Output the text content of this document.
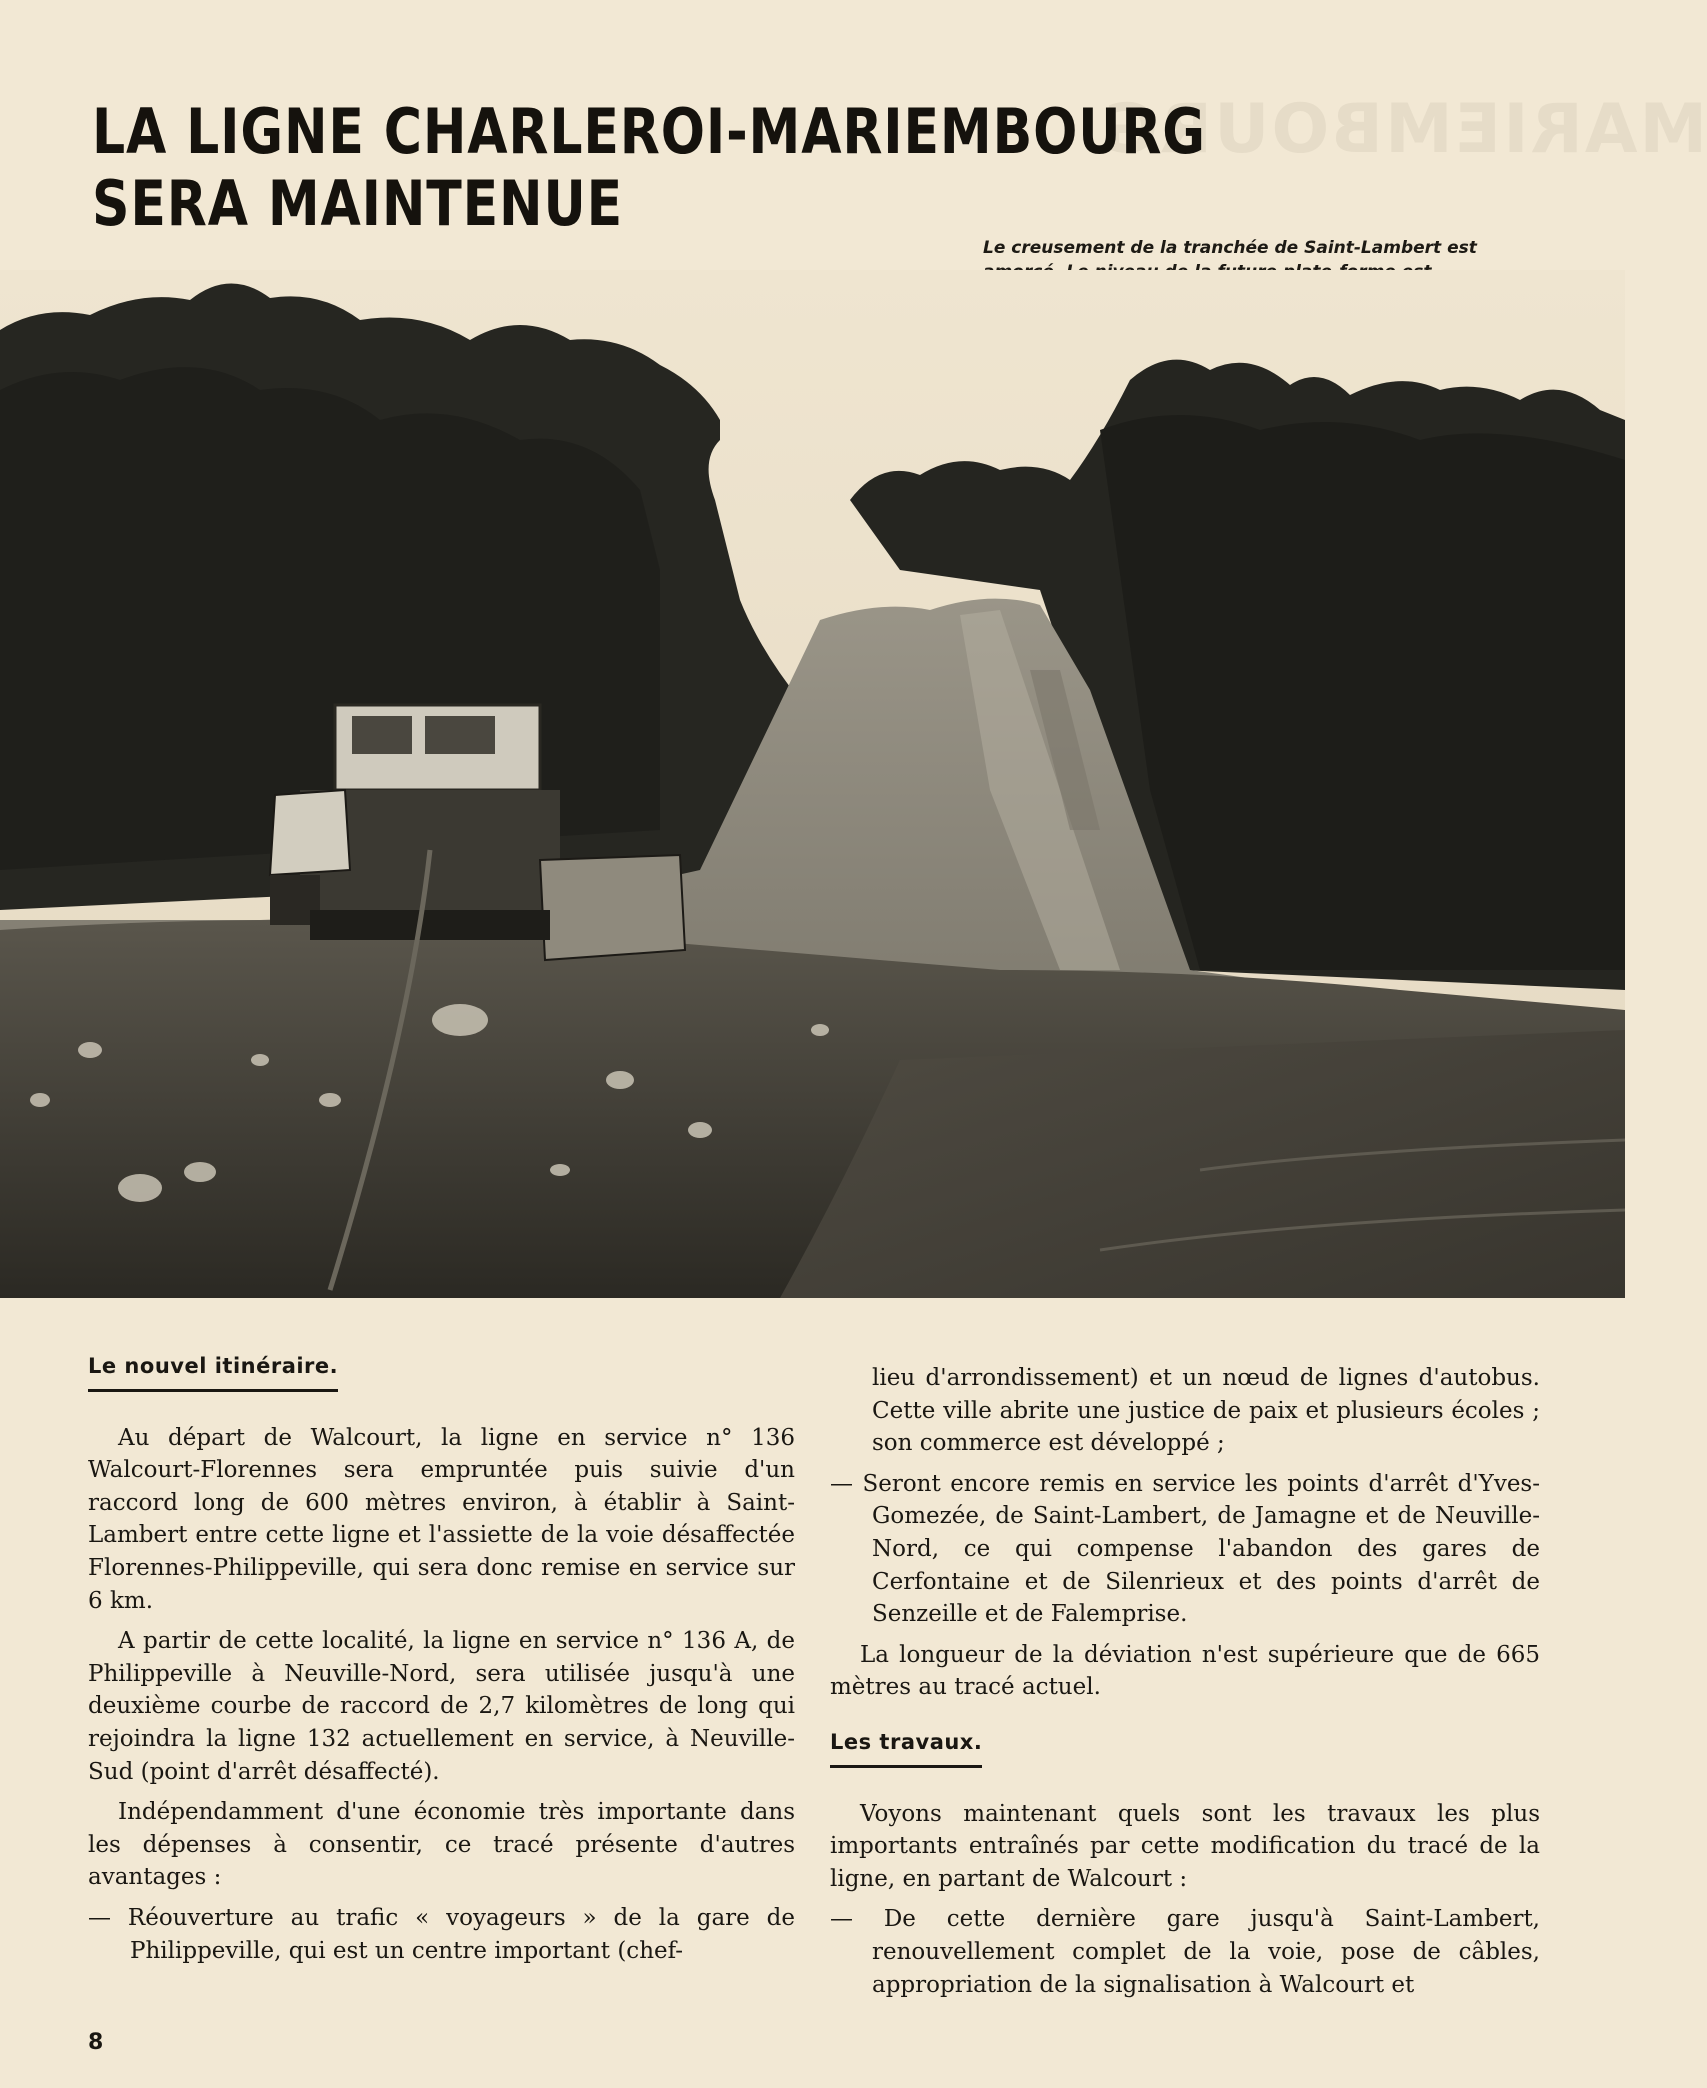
MARIEMBOURG
LA LIGNE CHARLEROI-MARIEMBOURG
SERA MAINTENUE

Le creusement de la tranchée de Saint-Lambert est

Le nouvel itinéraire.

Au départ de Walcourt, la ligne en service n° 136 Walcourt-Florennes sera empruntée puis suivie d'un raccord long de 600 mètres environ, à établir à Saint-Lambert entre cette ligne et l'assiette de la voie désaffectée Florennes-Philippeville, qui sera donc remise en service sur 6 km.

A partir de cette localité, la ligne en service n° 136 A, de Philippeville à Neuville-Nord, sera utilisée jusqu'à une deuxième courbe de raccord de 2,7 kilomètres de long qui rejoindra la ligne 132 actuellement en service, à Neuville-Sud (point d'arrêt désaffecté).

Indépendamment d'une économie très importante dans les dépenses à consentir, ce tracé présente d'autres avantages :

— Réouverture au trafic « voyageurs » de la gare de Philippeville, qui est un centre important (chef-

lieu d'arrondissement) et un nœud de lignes d'autobus. Cette ville abrite une justice de paix et plusieurs écoles ; son commerce est développé ;

— Seront encore remis en service les points d'arrêt d'Yves-Gomezée, de Saint-Lambert, de Jamagne et de Neuville-Nord, ce qui compense l'abandon des gares de Cerfontaine et de Silenrieux et des points d'arrêt de Senzeille et de Falemprise.

La longueur de la déviation n'est supérieure que de 665 mètres au tracé actuel.

Les travaux.

Voyons maintenant quels sont les travaux les plus importants entraînés par cette modification du tracé de la ligne, en partant de Walcourt :

— De cette dernière gare jusqu'à Saint-Lambert, renouvellement complet de la voie, pose de câbles, appropriation de la signalisation à Walcourt et

8
